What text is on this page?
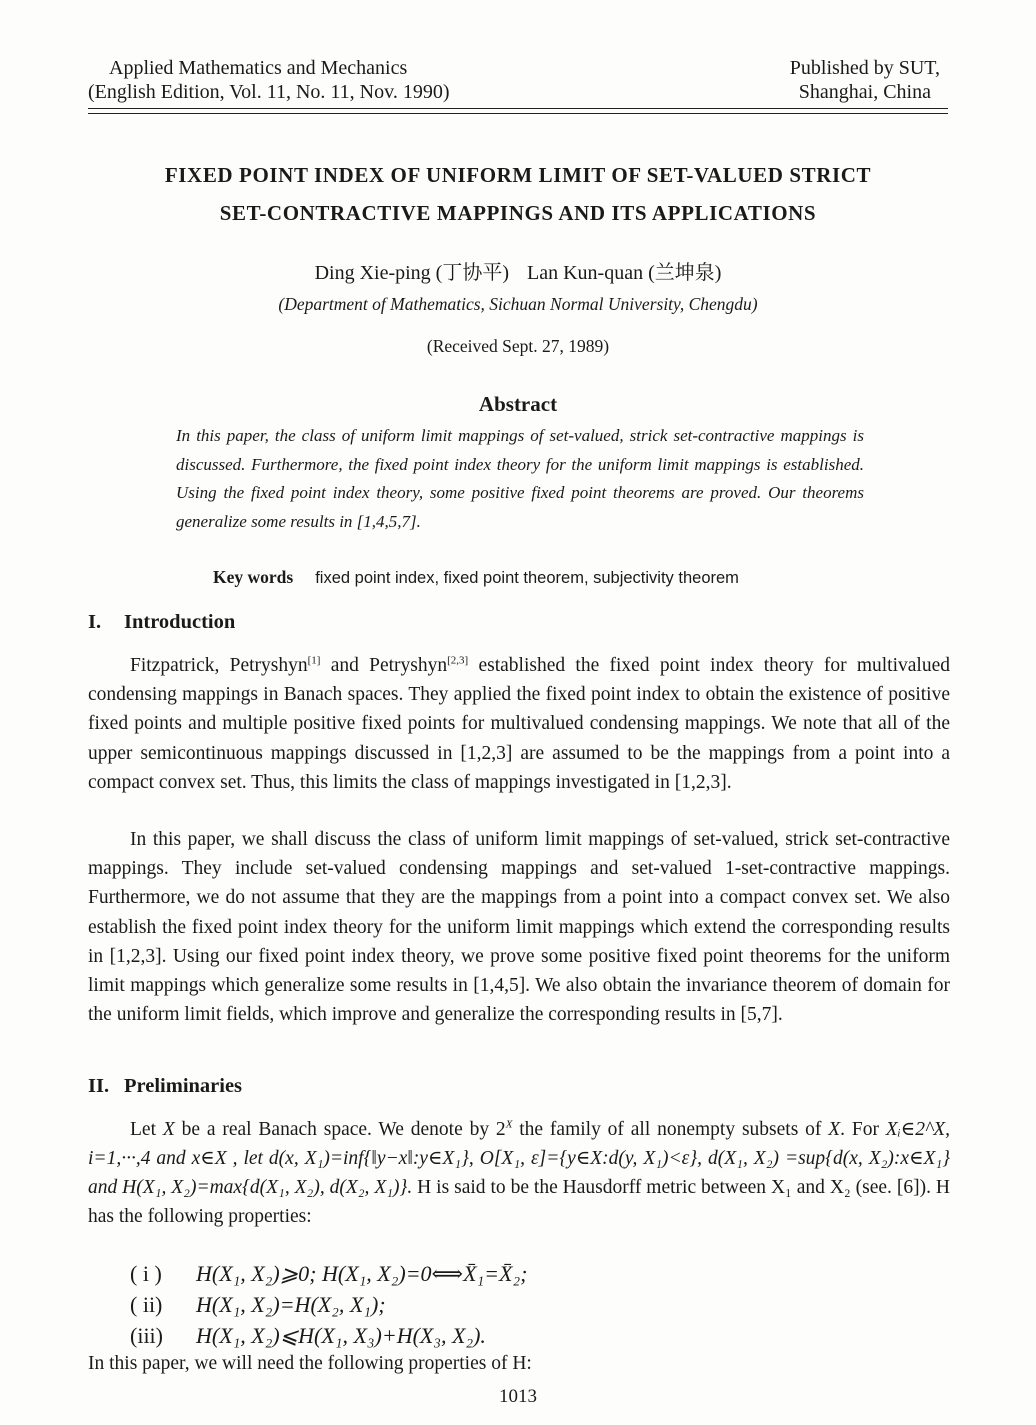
Applied Mathematics and Mechanics
(English Edition, Vol. 11, No. 11, Nov. 1990)
Published by SUT,
Shanghai, China
FIXED POINT INDEX OF UNIFORM LIMIT OF SET-VALUED STRICT
SET-CONTRACTIVE MAPPINGS AND ITS APPLICATIONS
Ding Xie-ping (丁协平) Lan Kun-quan (兰坤泉)
(Department of Mathematics, Sichuan Normal University, Chengdu)
(Received Sept. 27, 1989)
Abstract
In this paper, the class of uniform limit mappings of set-valued, strick set-contractive mappings is discussed. Furthermore, the fixed point index theory for the uniform limit mappings is established. Using the fixed point index theory, some positive fixed point theorems are proved. Our theorems generalize some results in [1,4,5,7].
Key words fixed point index, fixed point theorem, subjectivity theorem
I. Introduction
Fitzpatrick, Petryshyn[1] and Petryshyn[2,3] established the fixed point index theory for multivalued condensing mappings in Banach spaces. They applied the fixed point index to obtain the existence of positive fixed points and multiple positive fixed points for multivalued condensing mappings. We note that all of the upper semicontinuous mappings discussed in [1,2,3] are assumed to be the mappings from a point into a compact convex set. Thus, this limits the class of mappings investigated in [1,2,3].
In this paper, we shall discuss the class of uniform limit mappings of set-valued, strick set-contractive mappings. They include set-valued condensing mappings and set-valued 1-set-contractive mappings. Furthermore, we do not assume that they are the mappings from a point into a compact convex set. We also establish the fixed point index theory for the uniform limit mappings which extend the corresponding results in [1,2,3]. Using our fixed point index theory, we prove some positive fixed point theorems for the uniform limit mappings which generalize some results in [1,4,5]. We also obtain the invariance theorem of domain for the uniform limit fields, which improve and generalize the corresponding results in [5,7].
II. Preliminaries
Let X be a real Banach space. We denote by $2^X$ the family of all nonempty subsets of X. For Xᵢ∈2^X, i=1,···,4 and x∈X , let d(x, X₁)=inf{‖y−x‖:y∈X₁}, O[X₁, ε]={y∈X:d(y, X₁)<ε}, d(X₁, X₂) =sup{d(x, X₂):x∈X₁} and H(X₁, X₂)=max{d(X₁, X₂), d(X₂, X₁)}. H is said to be the Hausdorff metric between X₁ and X₂ (see. [6]). H has the following properties:
( i ) H(X₁, X₂)⩾0; H(X₁, X₂)=0⟺X̄₁=X̄₂;
( ii) H(X₁, X₂)=H(X₂, X₁);
(iii) H(X₁, X₂)⩽H(X₁, X₃)+H(X₃, X₂).
In this paper, we will need the following properties of H:
1013
